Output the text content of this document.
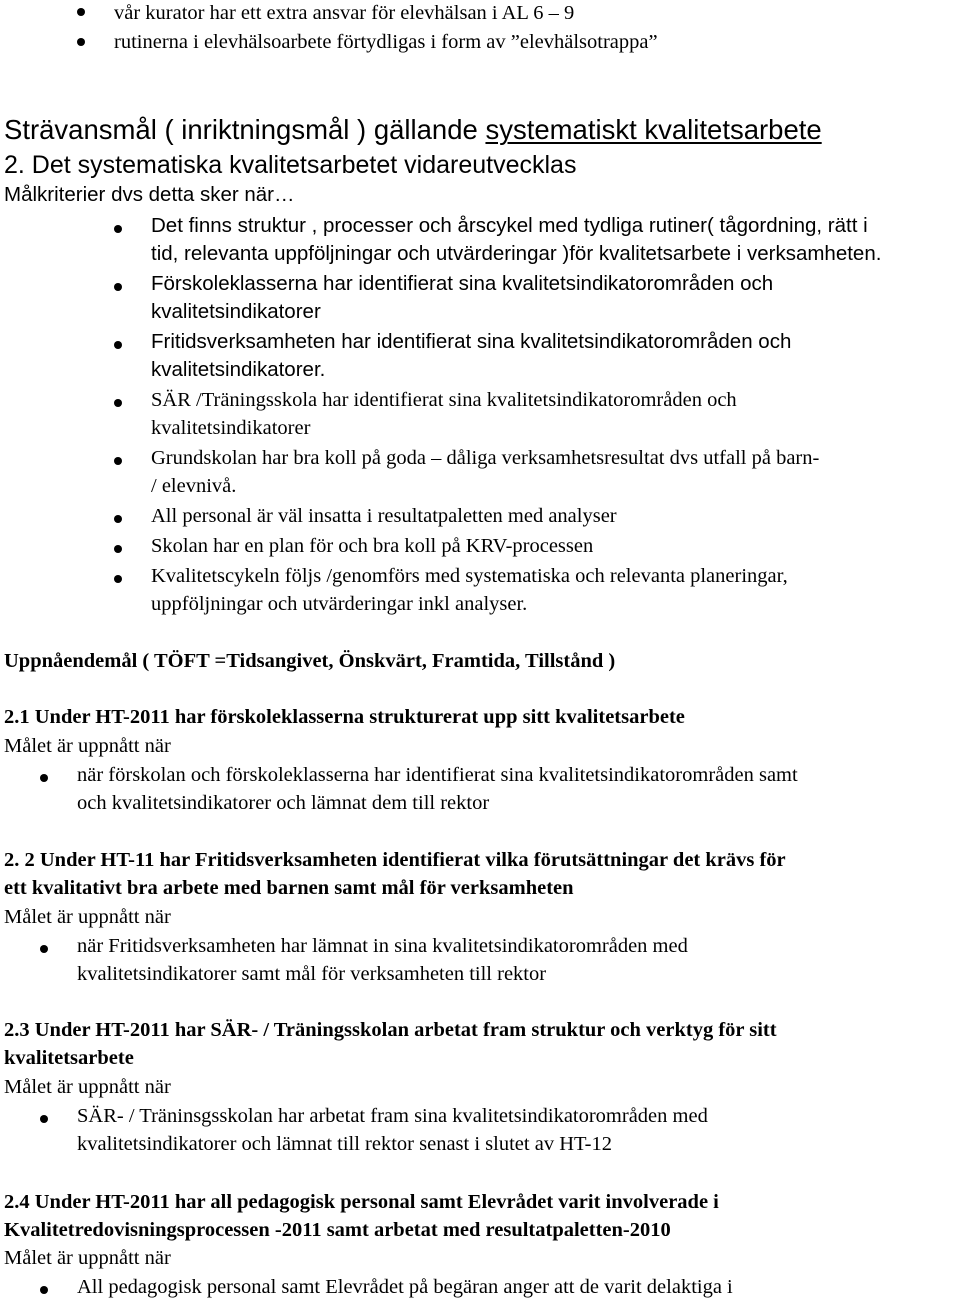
vår kurator har ett extra ansvar för elevhälsan i AL 6 – 9
rutinerna i elevhälsoarbete förtydligas i form av ”elevhälsotrappa”
Strävansmål ( inriktningsmål ) gällande systematiskt kvalitetsarbete
2. Det systematiska kvalitetsarbetet vidareutvecklas
Målkriterier dvs detta sker när…
Det finns struktur , processer och årscykel med tydliga rutiner( tågordning, rätt i
tid, relevanta uppföljningar och utvärderingar )för kvalitetsarbete i verksamheten.
Förskoleklasserna har identifierat sina kvalitetsindikatorområden och
kvalitetsindikatorer
Fritidsverksamheten har identifierat sina kvalitetsindikatorområden och
kvalitetsindikatorer.
SÄR /Träningsskola har identifierat sina kvalitetsindikatorområden och
kvalitetsindikatorer
Grundskolan har bra koll på goda – dåliga verksamhetsresultat dvs utfall på barn-
/ elevnivå.
All personal är väl insatta i resultatpaletten med analyser
Skolan har en plan för och bra koll på KRV-processen
Kvalitetscykeln följs /genomförs med systematiska och relevanta planeringar,
uppföljningar och utvärderingar inkl analyser.
Uppnåendemål ( TÖFT =Tidsangivet, Önskvärt, Framtida, Tillstånd )
2.1 Under HT-2011 har förskoleklasserna strukturerat upp sitt kvalitetsarbete
Målet är uppnått när
när förskolan och förskoleklasserna har identifierat sina kvalitetsindikatorområden samt
och kvalitetsindikatorer och lämnat dem till rektor
2. 2 Under HT-11 har Fritidsverksamheten identifierat vilka förutsättningar det krävs för
ett kvalitativt bra arbete med barnen samt mål för verksamheten
Målet är uppnått när
när Fritidsverksamheten har lämnat in sina kvalitetsindikatorområden med
kvalitetsindikatorer samt mål för verksamheten till rektor
2.3 Under HT-2011 har SÄR- / Träningsskolan arbetat fram struktur och verktyg för sitt
kvalitetsarbete
Målet är uppnått när
SÄR- / Träninsgsskolan har arbetat fram sina kvalitetsindikatorområden med
kvalitetsindikatorer och lämnat till rektor senast i slutet av HT-12
2.4 Under HT-2011 har all pedagogisk personal samt Elevrådet varit involverade i
Kvalitetredovisningsprocessen -2011 samt arbetat med resultatpaletten-2010
Målet är uppnått när
All pedagogisk personal samt Elevrådet på begäran anger att de varit delaktiga i
